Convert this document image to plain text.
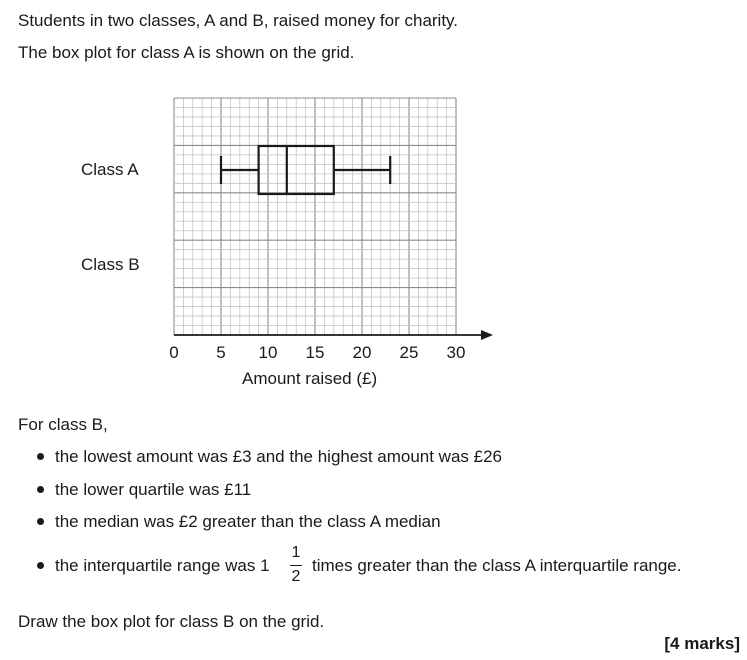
Students in two classes, A and B, raised money for charity.
The box plot for class A is shown on the grid.
Class A
Class B
0 5 10 15 20 25 30
Amount raised (£)
For class B,
the lowest amount was £3 and the highest amount was £26
the lower quartile was £11
the median was £2 greater than the class A median
the interquartile range was 1
1
2
times greater than the class A interquartile range.
Draw the box plot for class B on the grid.
[4 marks]
